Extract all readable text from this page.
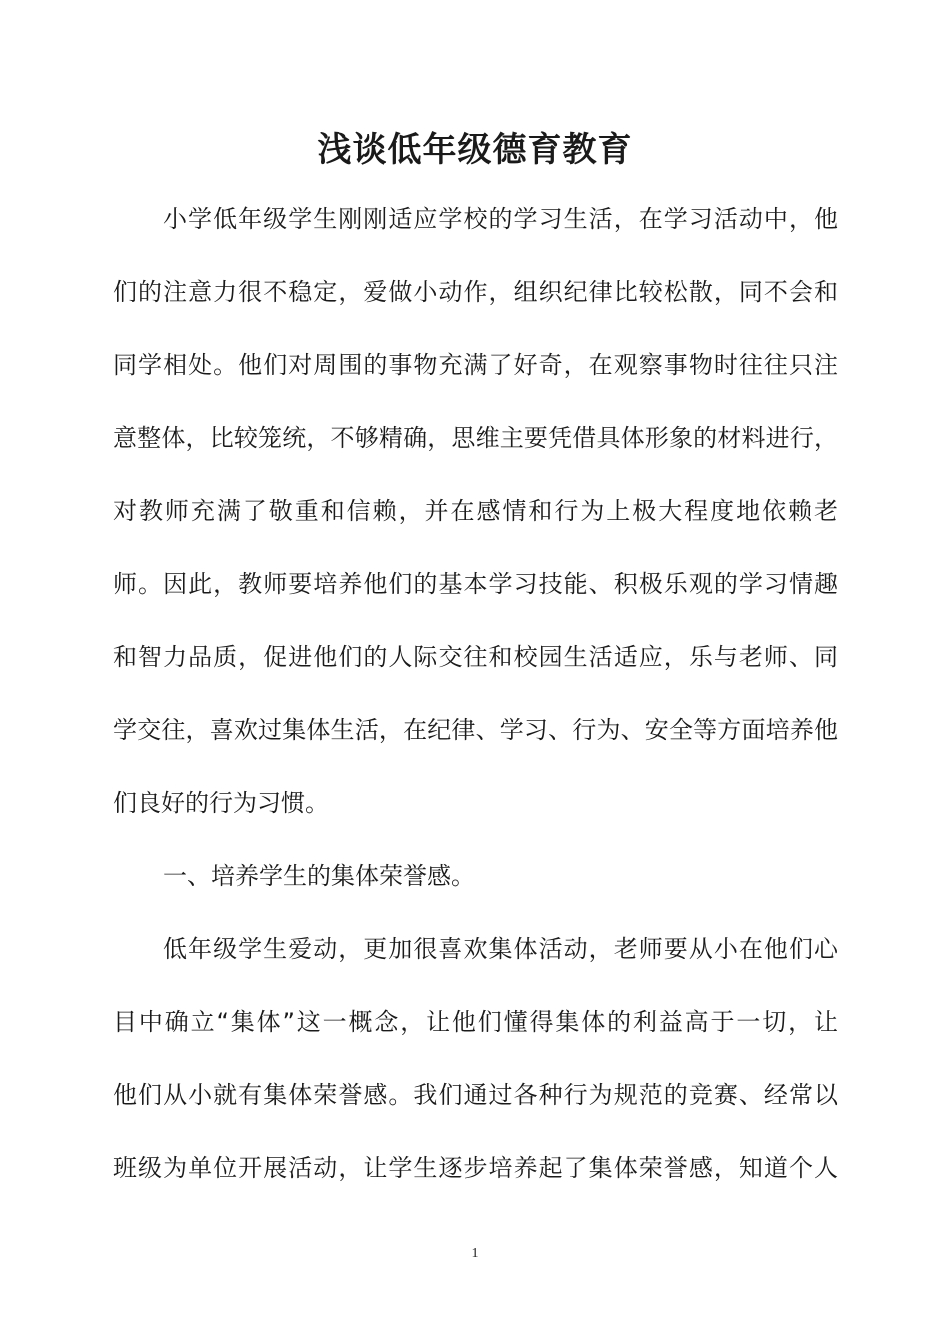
浅谈低年级德育教育
小学低年级学生刚刚适应学校的学习生活，在学习活动中，他
们的注意力很不稳定，爱做小动作，组织纪律比较松散，同不会和
同学相处。他们对周围的事物充满了好奇，在观察事物时往往只注
意整体，比较笼统，不够精确，思维主要凭借具体形象的材料进行，
对教师充满了敬重和信赖，并在感情和行为上极大程度地依赖老
师。因此，教师要培养他们的基本学习技能、积极乐观的学习情趣
和智力品质，促进他们的人际交往和校园生活适应，乐与老师、同
学交往，喜欢过集体生活，在纪律、学习、行为、安全等方面培养他
们良好的行为习惯。
一、培养学生的集体荣誉感。
低年级学生爱动，更加很喜欢集体活动，老师要从小在他们心
目中确立“集体”这一概念，让他们懂得集体的利益高于一切，让
他们从小就有集体荣誉感。我们通过各种行为规范的竞赛、经常以
班级为单位开展活动，让学生逐步培养起了集体荣誉感，知道个人
1
